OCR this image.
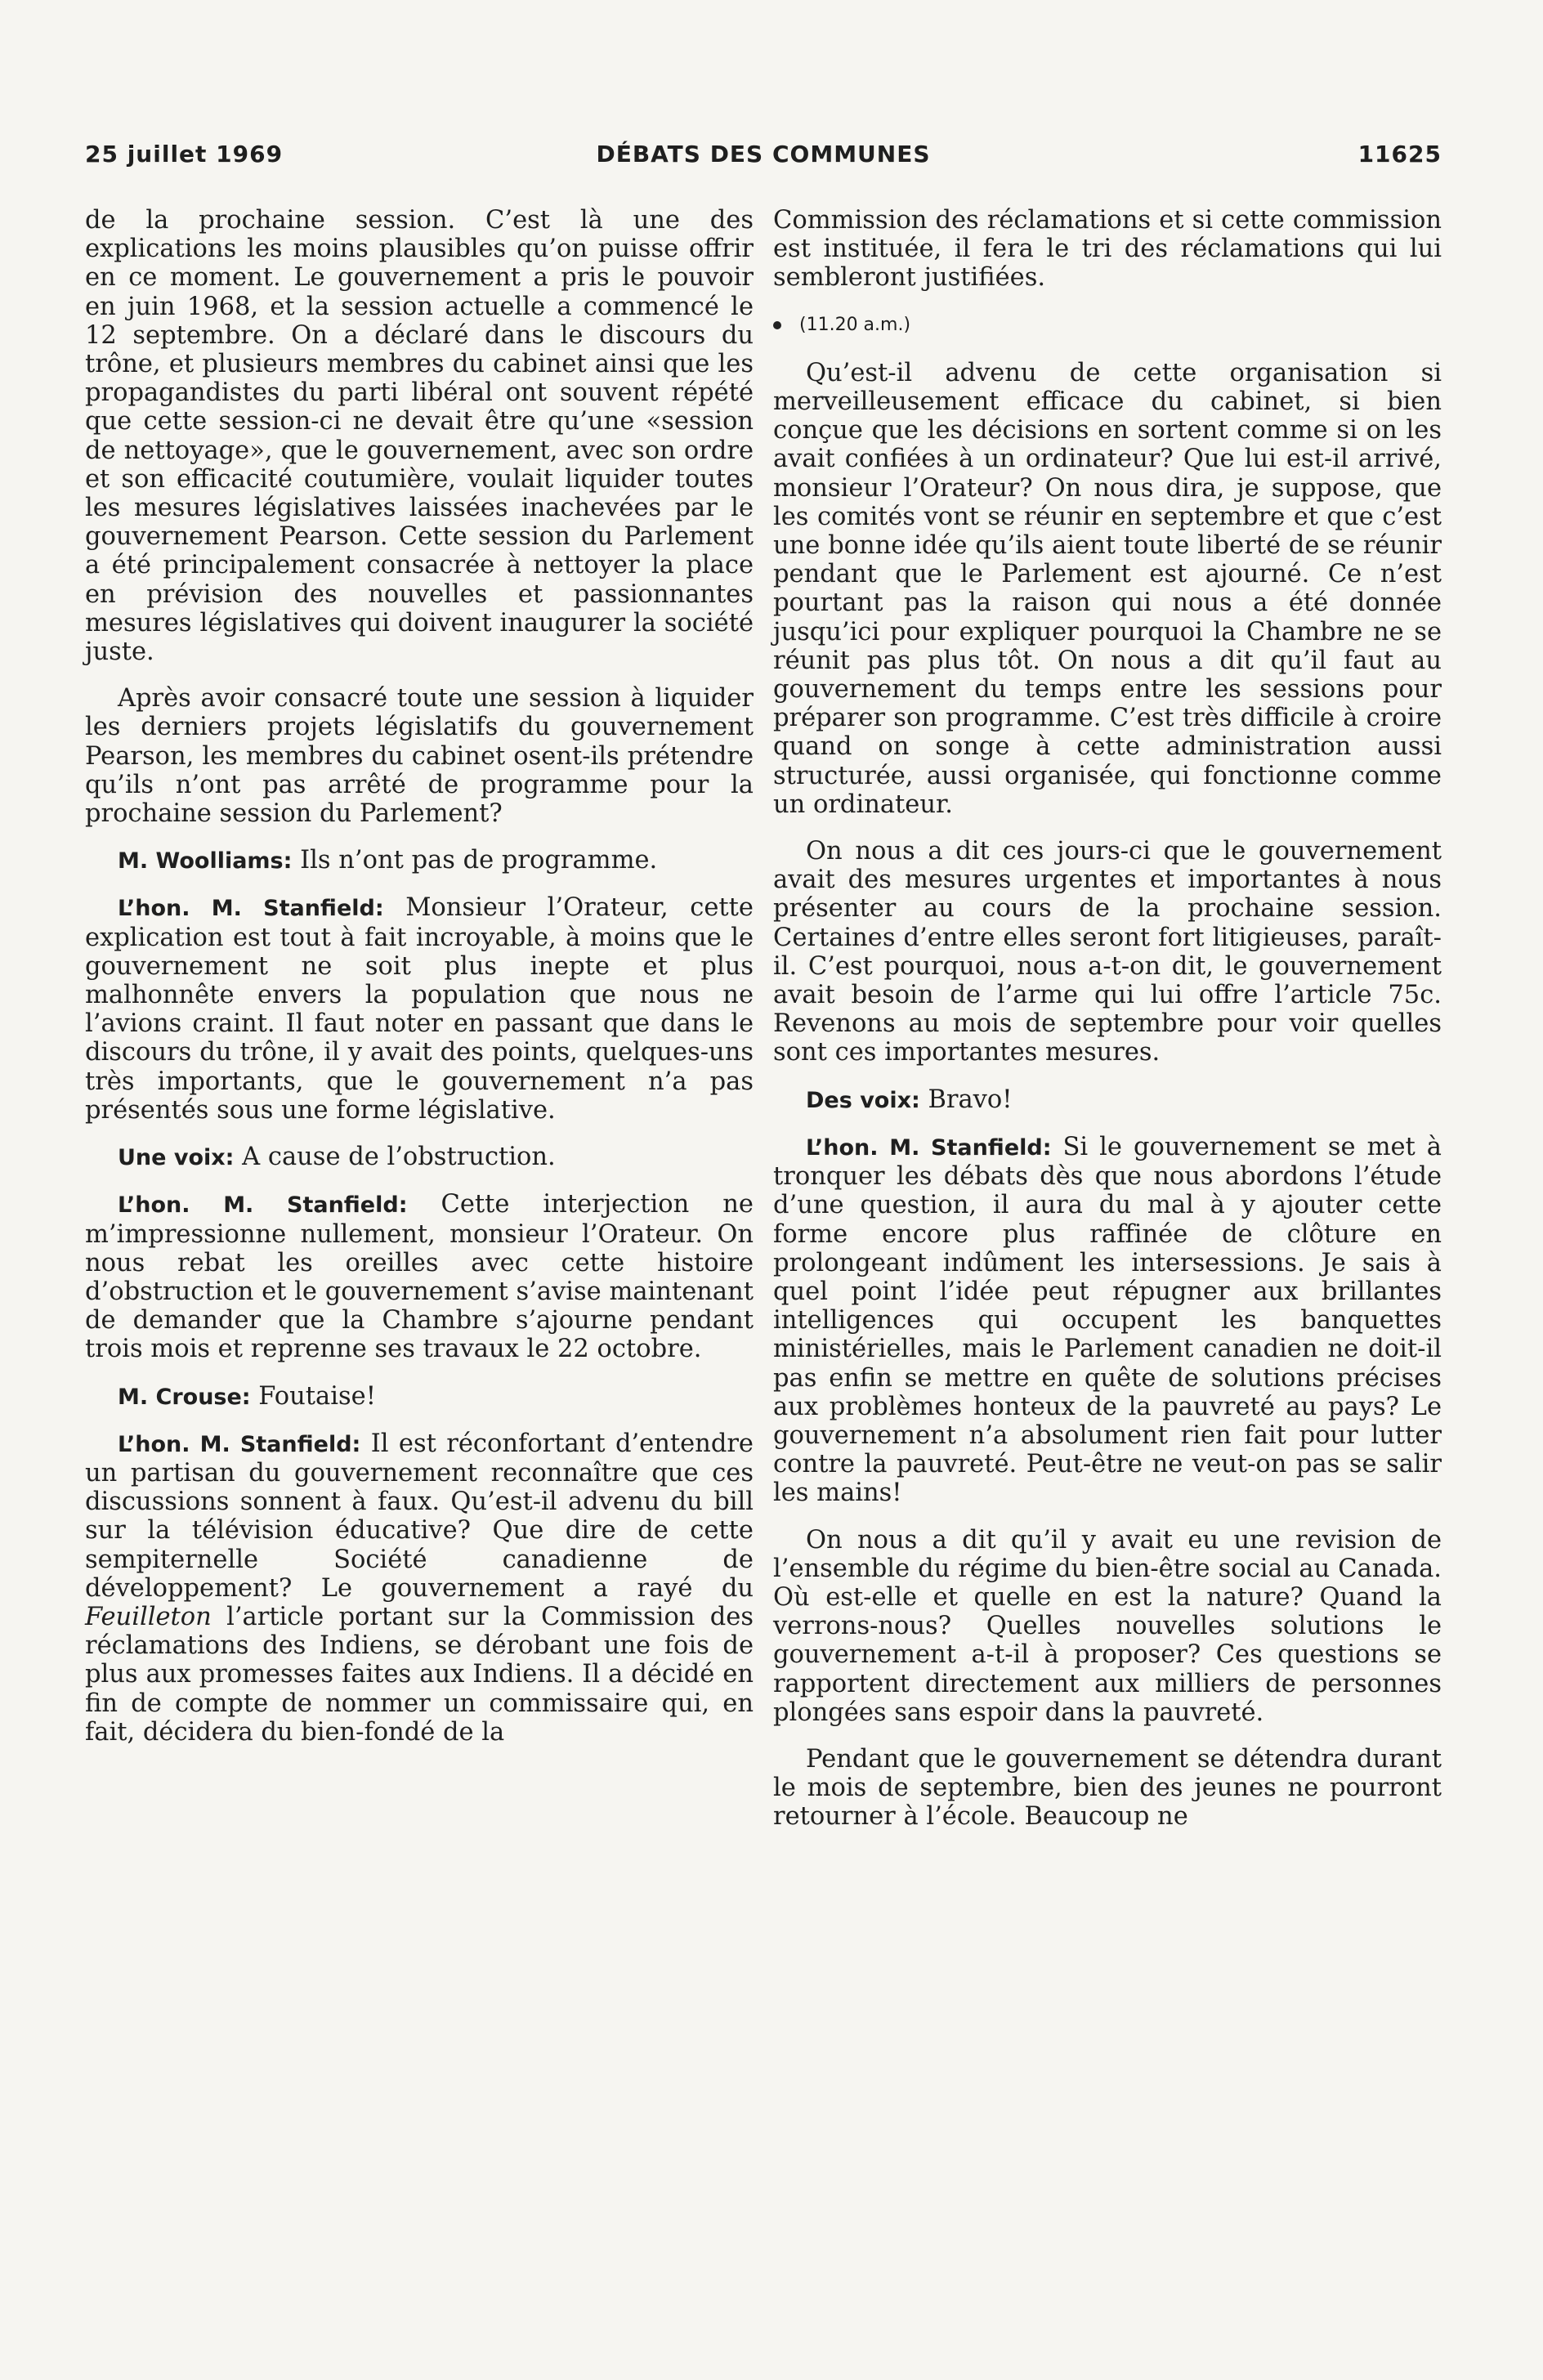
25 juillet 1969	DÉBATS DES COMMUNES	11625

de la prochaine session. C’est là une des explications les moins plausibles qu’on puisse offrir en ce moment. Le gouvernement a pris le pouvoir en juin 1968, et la session actuelle a commencé le 12 septembre. On a déclaré dans le discours du trône, et plusieurs membres du cabinet ainsi que les propagandistes du parti libéral ont souvent répété que cette session-ci ne devait être qu’une «session de nettoyage», que le gouvernement, avec son ordre et son efficacité coutumière, voulait liquider toutes les mesures législatives laissées inachevées par le gouvernement Pearson. Cette session du Parlement a été principalement consacrée à nettoyer la place en prévision des nouvelles et passionnantes mesures législatives qui doivent inaugurer la société juste.

Après avoir consacré toute une session à liquider les derniers projets législatifs du gouvernement Pearson, les membres du cabinet osent-ils prétendre qu’ils n’ont pas arrêté de programme pour la prochaine session du Parlement?

M. Woolliams: Ils n’ont pas de programme.

L’hon. M. Stanfield: Monsieur l’Orateur, cette explication est tout à fait incroyable, à moins que le gouvernement ne soit plus inepte et plus malhonnête envers la population que nous ne l’avions craint. Il faut noter en passant que dans le discours du trône, il y avait des points, quelques-uns très importants, que le gouvernement n’a pas présentés sous une forme législative.

Une voix: A cause de l’obstruction.

L’hon. M. Stanfield: Cette interjection ne m’impressionne nullement, monsieur l’Orateur. On nous rebat les oreilles avec cette histoire d’obstruction et le gouvernement s’avise maintenant de demander que la Chambre s’ajourne pendant trois mois et reprenne ses travaux le 22 octobre.

M. Crouse: Foutaise!

L’hon. M. Stanfield: Il est réconfortant d’entendre un partisan du gouvernement reconnaître que ces discussions sonnent à faux. Qu’est-il advenu du bill sur la télévision éducative? Que dire de cette sempiternelle Société canadienne de développement? Le gouvernement a rayé du Feuilleton l’article portant sur la Commission des réclamations des Indiens, se dérobant une fois de plus aux promesses faites aux Indiens. Il a décidé en fin de compte de nommer un commissaire qui, en fait, décidera du bien-fondé de la

Commission des réclamations et si cette commission est instituée, il fera le tri des réclamations qui lui sembleront justifiées.

(11.20 a.m.)

Qu’est-il advenu de cette organisation si merveilleusement efficace du cabinet, si bien conçue que les décisions en sortent comme si on les avait confiées à un ordinateur? Que lui est-il arrivé, monsieur l’Orateur? On nous dira, je suppose, que les comités vont se réunir en septembre et que c’est une bonne idée qu’ils aient toute liberté de se réunir pendant que le Parlement est ajourné. Ce n’est pourtant pas la raison qui nous a été donnée jusqu’ici pour expliquer pourquoi la Chambre ne se réunit pas plus tôt. On nous a dit qu’il faut au gouvernement du temps entre les sessions pour préparer son programme. C’est très difficile à croire quand on songe à cette administration aussi structurée, aussi organisée, qui fonctionne comme un ordinateur.

On nous a dit ces jours-ci que le gouvernement avait des mesures urgentes et importantes à nous présenter au cours de la prochaine session. Certaines d’entre elles seront fort litigieuses, paraît-il. C’est pourquoi, nous a-t-on dit, le gouvernement avait besoin de l’arme qui lui offre l’article 75c. Revenons au mois de septembre pour voir quelles sont ces importantes mesures.

Des voix: Bravo!

L’hon. M. Stanfield: Si le gouvernement se met à tronquer les débats dès que nous abordons l’étude d’une question, il aura du mal à y ajouter cette forme encore plus raffinée de clôture en prolongeant indûment les intersessions. Je sais à quel point l’idée peut répugner aux brillantes intelligences qui occupent les banquettes ministérielles, mais le Parlement canadien ne doit-il pas enfin se mettre en quête de solutions précises aux problèmes honteux de la pauvreté au pays? Le gouvernement n’a absolument rien fait pour lutter contre la pauvreté. Peut-être ne veut-on pas se salir les mains!

On nous a dit qu’il y avait eu une revision de l’ensemble du régime du bien-être social au Canada. Où est-elle et quelle en est la nature? Quand la verrons-nous? Quelles nouvelles solutions le gouvernement a-t-il à proposer? Ces questions se rapportent directement aux milliers de personnes plongées sans espoir dans la pauvreté.

Pendant que le gouvernement se détendra durant le mois de septembre, bien des jeunes ne pourront retourner à l’école. Beaucoup ne
